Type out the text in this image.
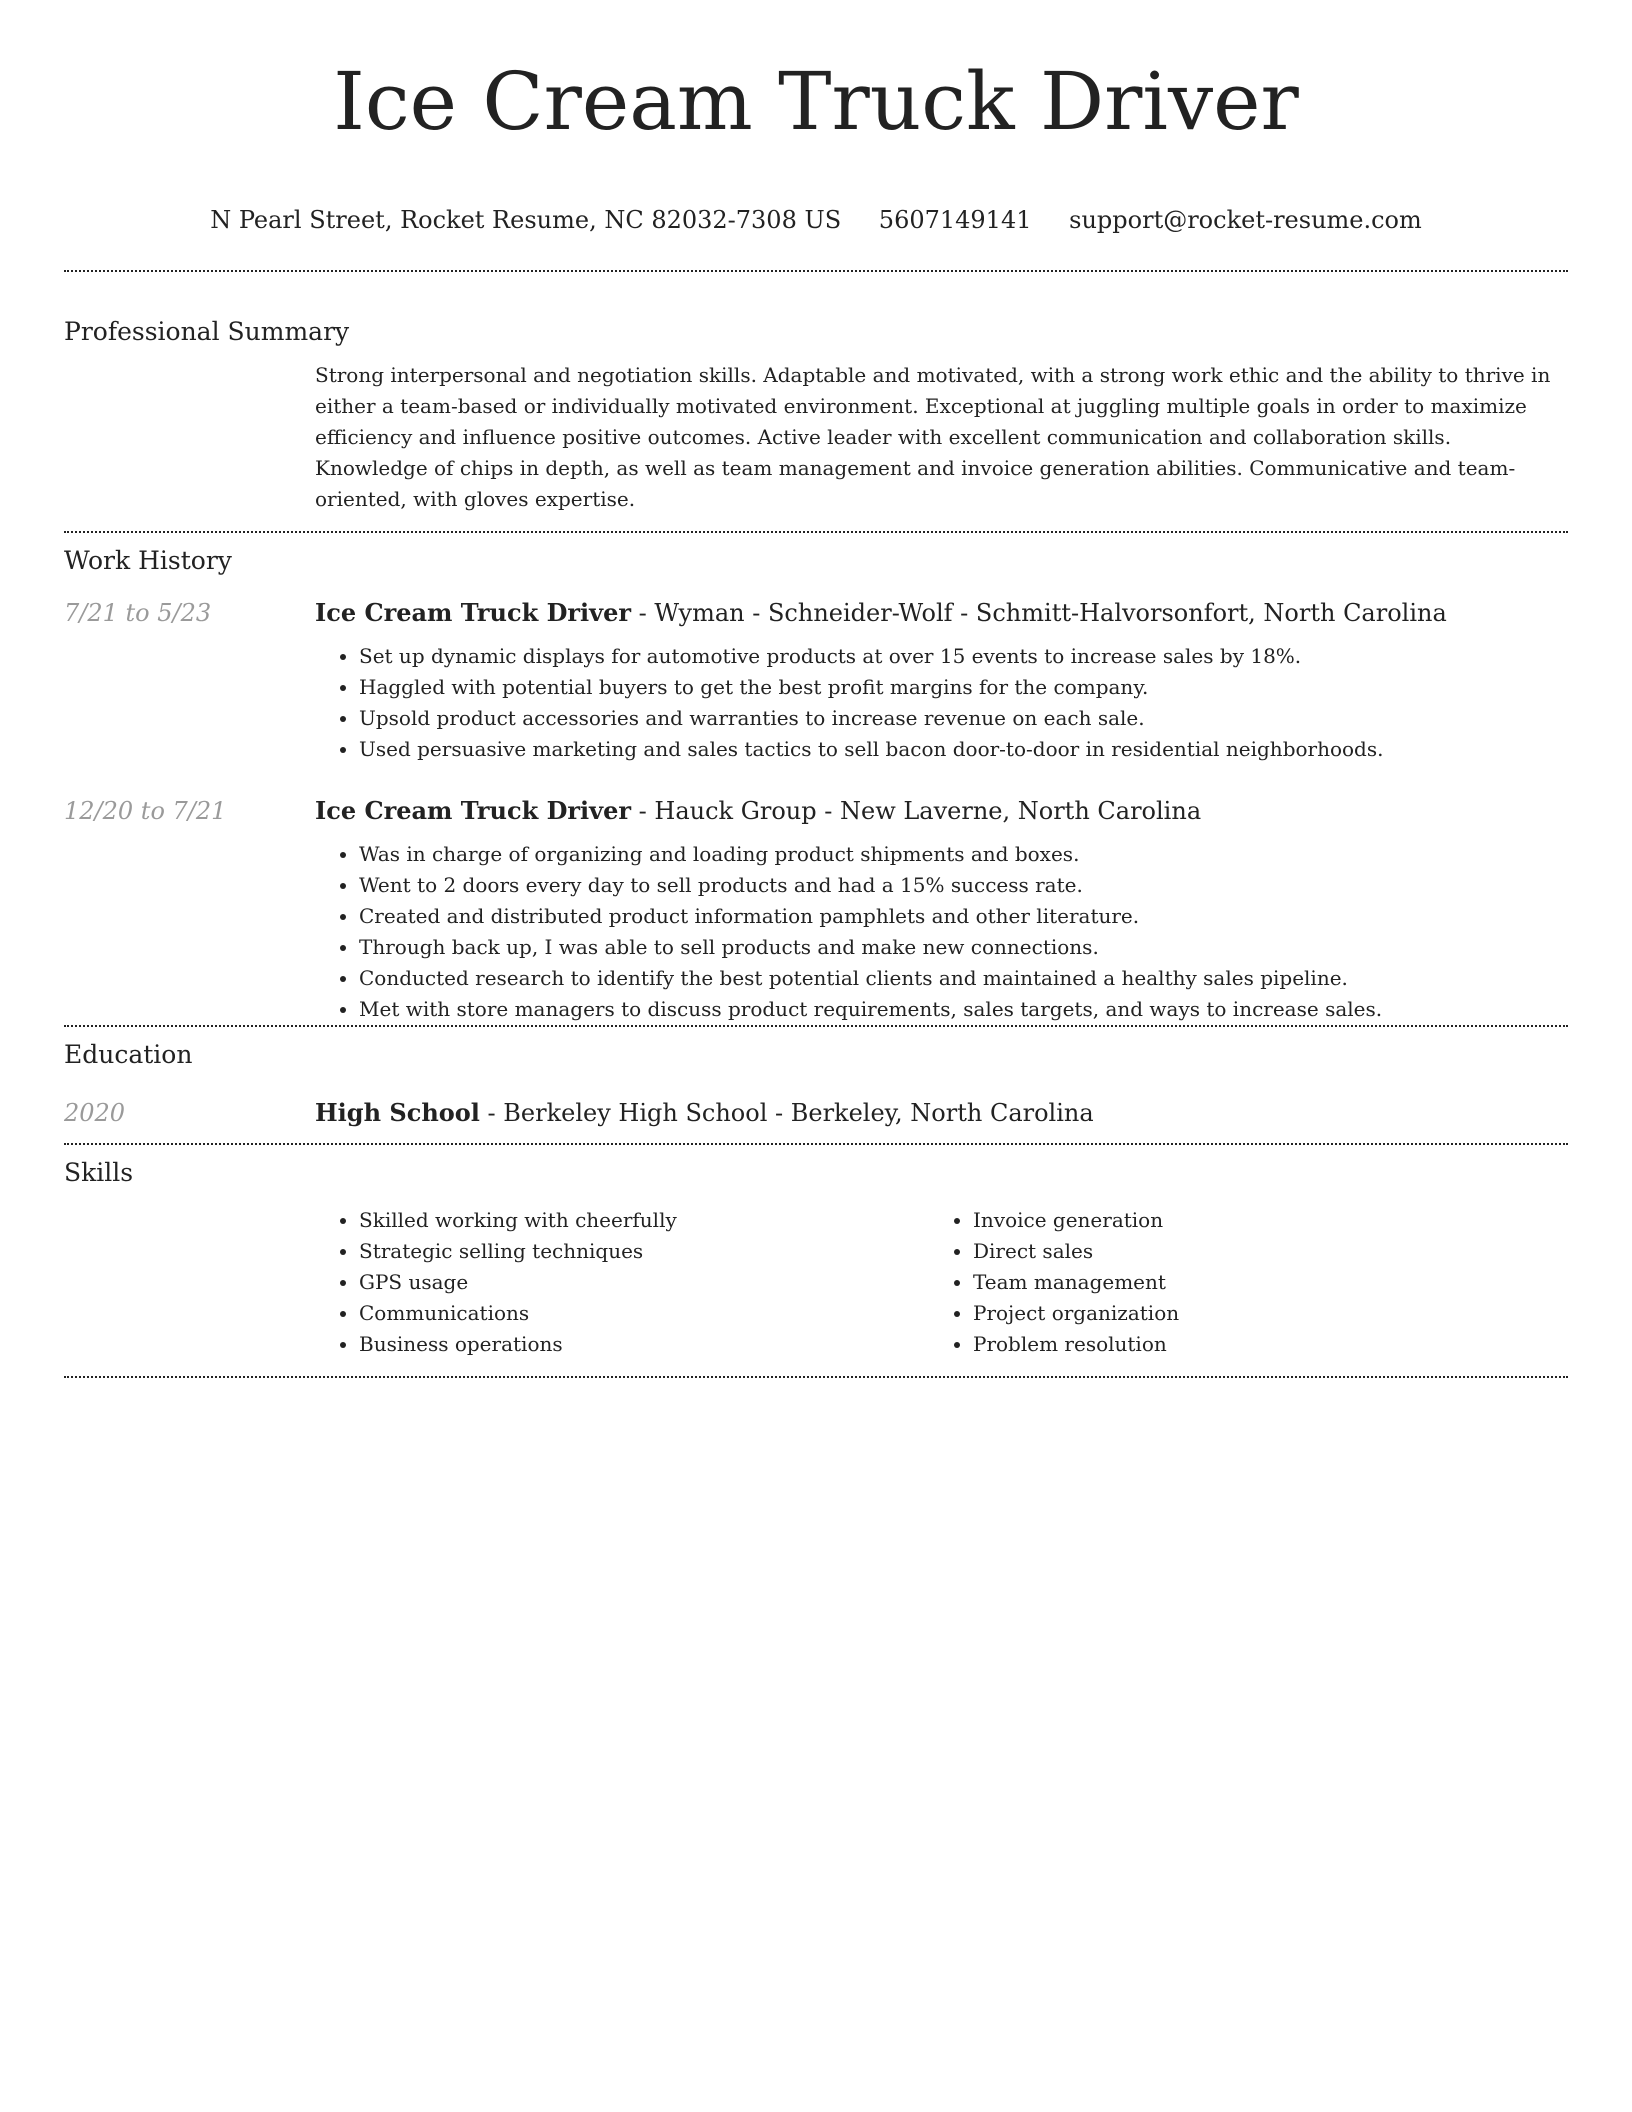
Ice Cream Truck Driver
N Pearl Street, Rocket Resume, NC 82032-7308 US 5607149141 support@rocket-resume.com
Professional Summary
Strong interpersonal and negotiation skills. Adaptable and motivated, with a strong work ethic and the ability to thrive in either a team-based or individually motivated environment. Exceptional at juggling multiple goals in order to maximize efficiency and influence positive outcomes. Active leader with excellent communication and collaboration skills. Knowledge of chips in depth, as well as team management and invoice generation abilities. Communicative and team-oriented, with gloves expertise.
Work History
7/21 to 5/23	Ice Cream Truck Driver - Wyman - Schneider-Wolf - Schmitt-Halvorsonfort, North Carolina
• Set up dynamic displays for automotive products at over 15 events to increase sales by 18%.
• Haggled with potential buyers to get the best profit margins for the company.
• Upsold product accessories and warranties to increase revenue on each sale.
• Used persuasive marketing and sales tactics to sell bacon door-to-door in residential neighborhoods.
12/20 to 7/21	Ice Cream Truck Driver - Hauck Group - New Laverne, North Carolina
• Was in charge of organizing and loading product shipments and boxes.
• Went to 2 doors every day to sell products and had a 15% success rate.
• Created and distributed product information pamphlets and other literature.
• Through back up, I was able to sell products and make new connections.
• Conducted research to identify the best potential clients and maintained a healthy sales pipeline.
• Met with store managers to discuss product requirements, sales targets, and ways to increase sales.
Education
2020	High School - Berkeley High School - Berkeley, North Carolina
Skills
• Skilled working with cheerfully
• Strategic selling techniques
• GPS usage
• Communications
• Business operations
• Invoice generation
• Direct sales
• Team management
• Project organization
• Problem resolution
